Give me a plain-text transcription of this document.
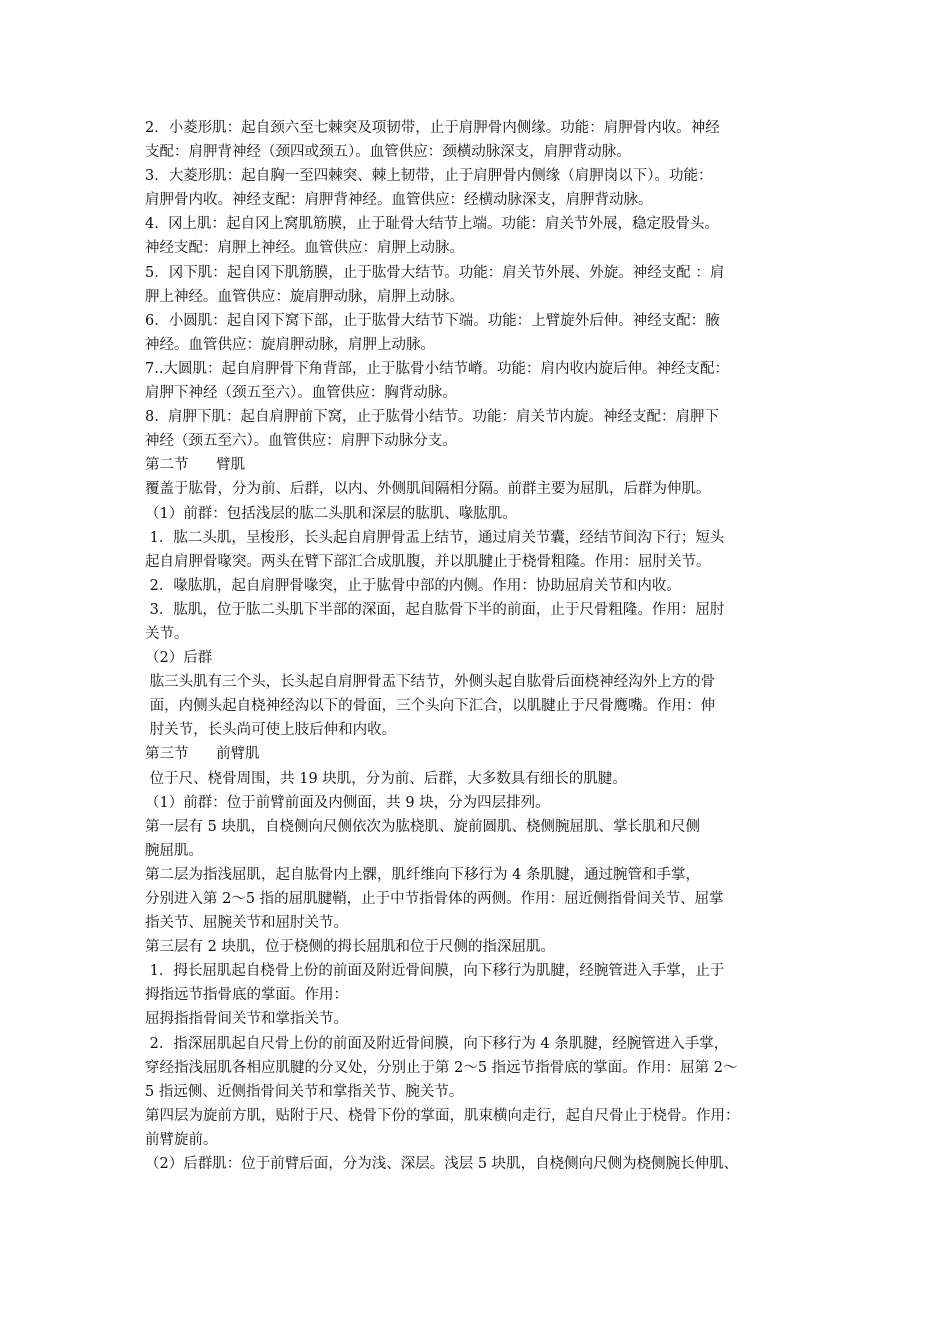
2．小菱形肌：起自颈六至七棘突及项韧带，止于肩胛骨内侧缘。功能：肩胛骨内收。神经
支配：肩胛背神经（颈四或颈五）。血管供应：颈横动脉深支，肩胛背动脉。
3．大菱形肌：起自胸一至四棘突、棘上韧带，止于肩胛骨内侧缘（肩胛岗以下）。功能：
肩胛骨内收。神经支配：肩胛背神经。血管供应：经横动脉深支，肩胛背动脉。
4.  冈上肌：起自冈上窝肌筋膜，止于耻骨大结节上端。功能：肩关节外展，稳定股骨头。
神经支配：肩胛上神经。血管供应：肩胛上动脉。
5．冈下肌：起自冈下肌筋膜，止于肱骨大结节。功能：肩关节外展、外旋。神经支配 ：肩
胛上神经。血管供应：旋肩胛动脉，肩胛上动脉。
6．小圆肌：起自冈下窝下部，止于肱骨大结节下端。功能：上臂旋外后伸。神经支配：腋
神经。血管供应：旋肩胛动脉，肩胛上动脉。
7..大圆肌：起自肩胛骨下角背部，止于肱骨小结节嵴。功能：肩内收内旋后伸。神经支配：
肩胛下神经（颈五至六）。血管供应：胸背动脉。
8.  肩胛下肌：起自肩胛前下窝，止于肱骨小结节。功能：肩关节内旋。神经支配：肩胛下
神经（颈五至六）。血管供应：肩胛下动脉分支。
第二节      臂肌
覆盖于肱骨，分为前、后群，以内、外侧肌间隔相分隔。前群主要为屈肌，后群为伸肌。
（1）前群：包括浅层的肱二头肌和深层的肱肌、喙肱肌。
1．肱二头肌，呈梭形，长头起自肩胛骨盂上结节，通过肩关节囊，经结节间沟下行；短头
起自肩胛骨喙突。两头在臂下部汇合成肌腹，并以肌腱止于桡骨粗隆。作用：屈肘关节。
2．喙肱肌，起自肩胛骨喙突，止于肱骨中部的内侧。作用：协助屈肩关节和内收。
3．肱肌，位于肱二头肌下半部的深面，起自肱骨下半的前面，止于尺骨粗隆。作用：屈肘
关节。
（2）后群
肱三头肌有三个头，长头起自肩胛骨盂下结节，外侧头起自肱骨后面桡神经沟外上方的骨
面，内侧头起自桡神经沟以下的骨面，三个头向下汇合，以肌腱止于尺骨鹰嘴。作用：伸
肘关节，长头尚可使上肢后伸和内收。
第三节      前臂肌
位于尺、桡骨周围，共 19 块肌，分为前、后群，大多数具有细长的肌腱。
（1）前群：位于前臂前面及内侧面，共 9 块，分为四层排列。
第一层有 5 块肌，自桡侧向尺侧依次为肱桡肌、旋前圆肌、桡侧腕屈肌、掌长肌和尺侧
腕屈肌。
第二层为指浅屈肌，起自肱骨内上髁，肌纤维向下移行为 4 条肌腱，通过腕管和手掌，
分别进入第 2～5 指的屈肌腱鞘，止于中节指骨体的两侧。作用：屈近侧指骨间关节、屈掌
指关节、屈腕关节和屈肘关节。
第三层有 2 块肌，位于桡侧的拇长屈肌和位于尺侧的指深屈肌。
1．拇长屈肌起自桡骨上份的前面及附近骨间膜，向下移行为肌腱，经腕管进入手掌，止于
拇指远节指骨底的掌面。作用：
屈拇指指骨间关节和掌指关节。
2．指深屈肌起自尺骨上份的前面及附近骨间膜，向下移行为 4 条肌腱，经腕管进入手掌，
穿经指浅屈肌各相应肌腱的分叉处，分别止于第 2～5 指远节指骨底的掌面。作用：屈第 2～
5 指远侧、近侧指骨间关节和掌指关节、腕关节。
第四层为旋前方肌，贴附于尺、桡骨下份的掌面，肌束横向走行，起自尺骨止于桡骨。作用：
前臂旋前。
（2）后群肌：位于前臂后面，分为浅、深层。浅层 5 块肌，自桡侧向尺侧为桡侧腕长伸肌、
